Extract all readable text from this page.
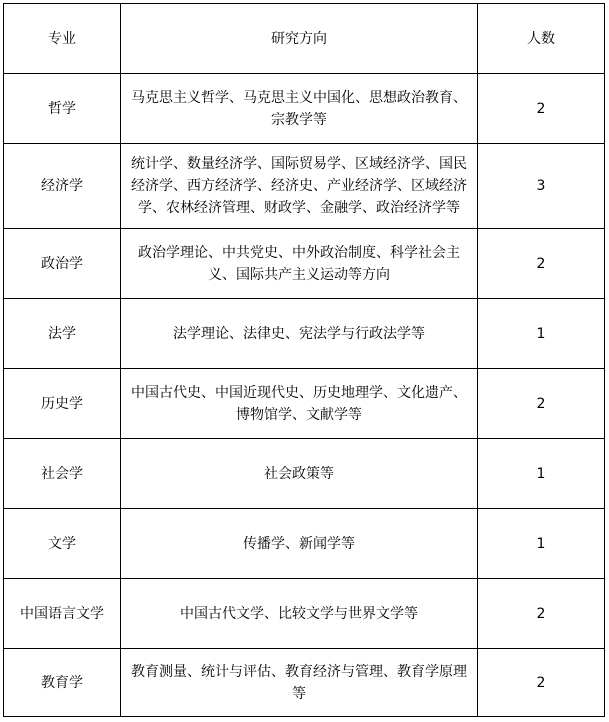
专业	研究方向	人数
哲学	马克思主义哲学、马克思主义中国化、思想政治教育、宗教学等	2
经济学	统计学、数量经济学、国际贸易学、区域经济学、国民经济学、西方经济学、经济史、产业经济学、区域经济学、农林经济管理、财政学、金融学、政治经济学等	3
政治学	政治学理论、中共党史、中外政治制度、科学社会主义、国际共产主义运动等方向	2
法学	法学理论、法律史、宪法学与行政法学等	1
历史学	中国古代史、中国近现代史、历史地理学、文化遗产、博物馆学、文献学等	2
社会学	社会政策等	1
文学	传播学、新闻学等	1
中国语言文学	中国古代文学、比较文学与世界文学等	2
教育学	教育测量、统计与评估、教育经济与管理、教育学原理等	2
